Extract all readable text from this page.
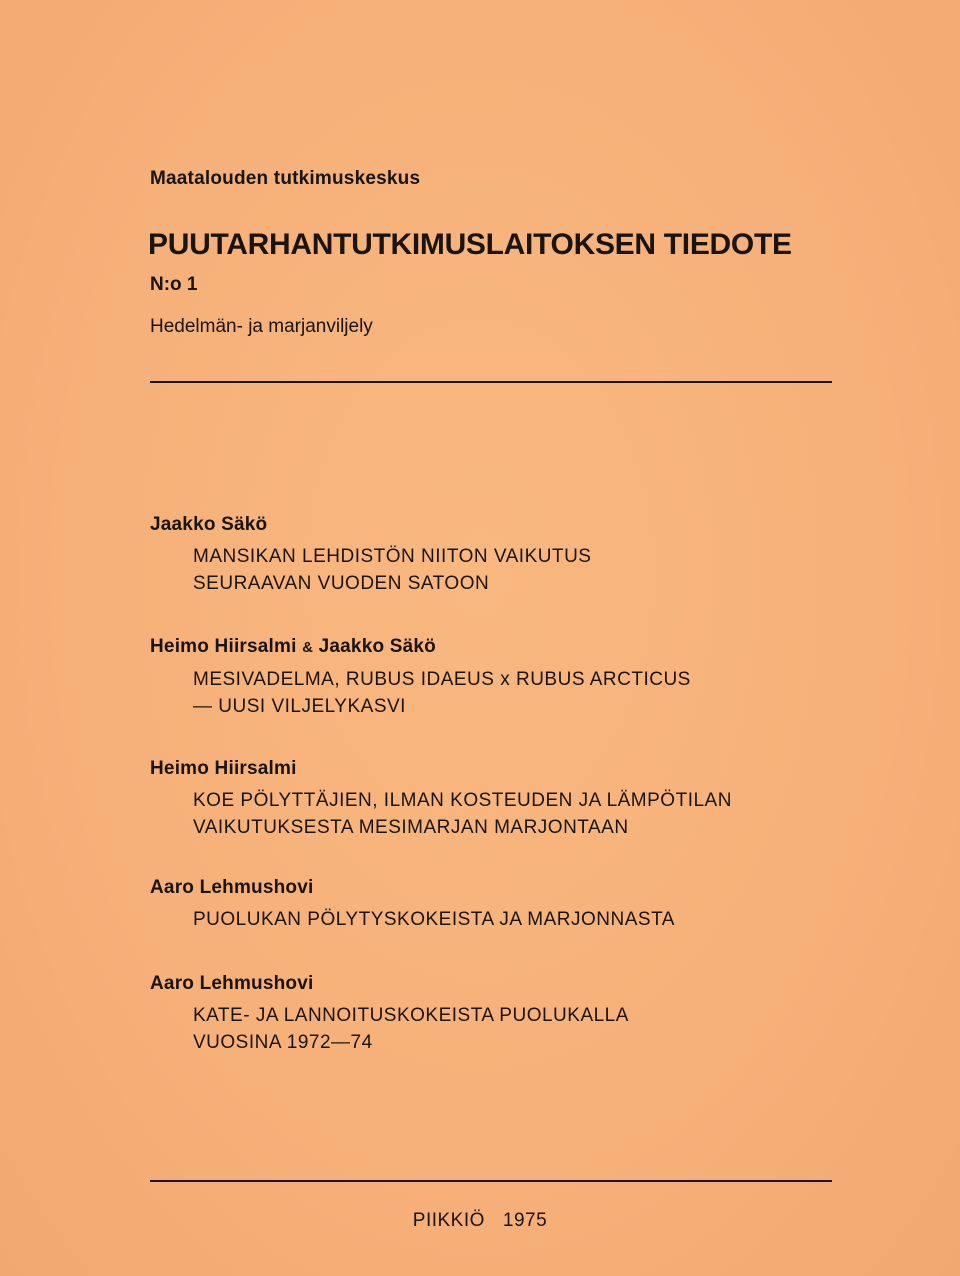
Maatalouden tutkimuskeskus
PUUTARHANTUTKIMUSLAITOKSEN TIEDOTE
N:o 1
Hedelmän- ja marjanviljely
Jaakko Säkö
MANSIKAN LEHDISTÖN NIITON VAIKUTUS
SEURAAVAN VUODEN SATOON
Heimo Hiirsalmi & Jaakko Säkö
MESIVADELMA, RUBUS IDAEUS x RUBUS ARCTICUS
— UUSI VILJELYKASVI
Heimo Hiirsalmi
KOE PÖLYTTÄJIEN, ILMAN KOSTEUDEN JA LÄMPÖTILAN
VAIKUTUKSESTA MESIMARJAN MARJONTAAN
Aaro Lehmushovi
PUOLUKAN PÖLYTYSKOKEISTA JA MARJONNASTA
Aaro Lehmushovi
KATE- JA LANNOITUSKOKEISTA PUOLUKALLA
VUOSINA 1972—74
PIIKKIÖ 1975
